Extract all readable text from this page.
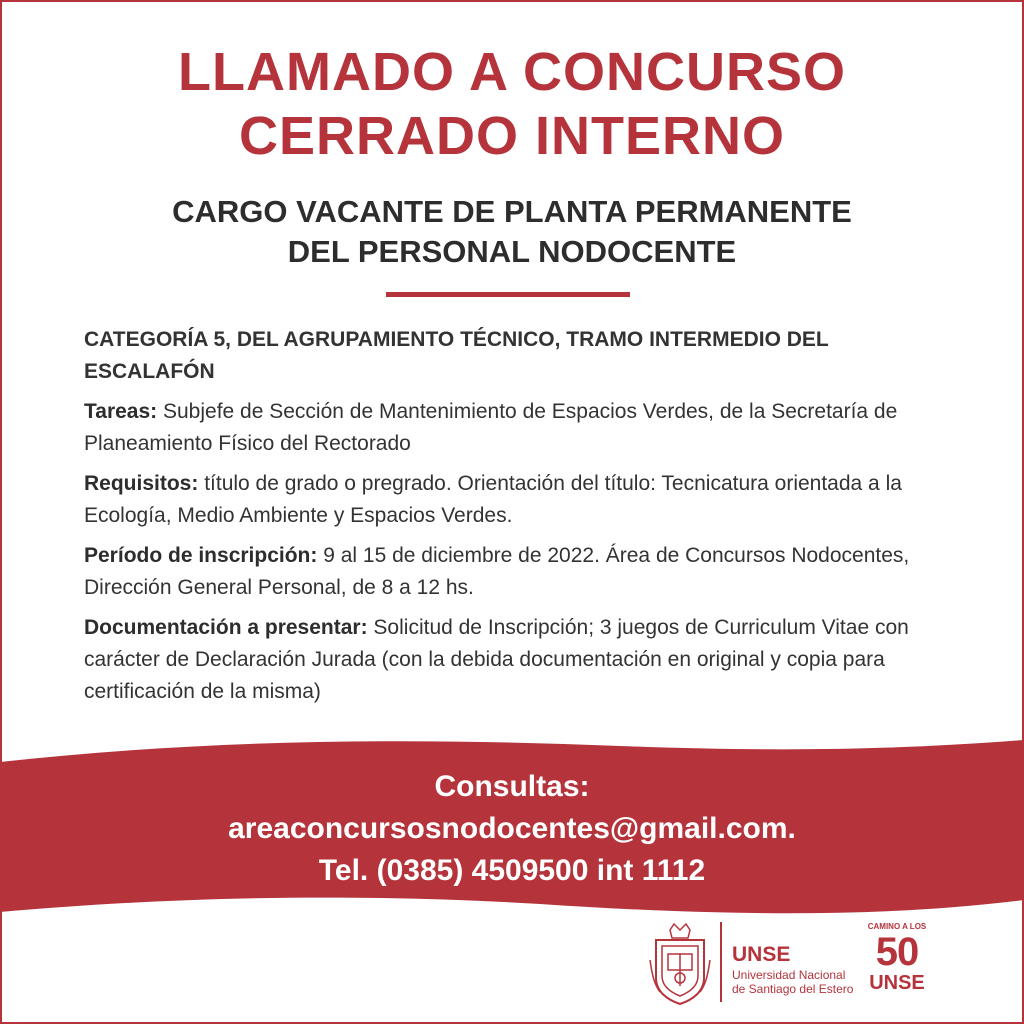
LLAMADO A CONCURSO
CERRADO INTERNO
CARGO VACANTE DE PLANTA PERMANENTE
DEL PERSONAL NODOCENTE
CATEGORÍA 5, DEL AGRUPAMIENTO TÉCNICO, TRAMO INTERMEDIO DEL ESCALAFÓN

Tareas: Subjefe de Sección de Mantenimiento de Espacios Verdes, de la Secretaría de Planeamiento Físico del Rectorado

Requisitos: título de grado o pregrado. Orientación del título: Tecnicatura orientada a la Ecología, Medio Ambiente y Espacios Verdes.

Período de inscripción: 9 al 15 de diciembre de 2022. Área de Concursos Nodocentes, Dirección General Personal, de 8 a 12 hs.

Documentación a presentar: Solicitud de Inscripción; 3 juegos de Curriculum Vitae con carácter de Declaración Jurada (con la debida documentación en original y copia para certificación de la misma)

Consultas:
areaconcursosnodocentes@gmail.com.
Tel. (0385) 4509500 int 1112
UNSE
Universidad Nacional
de Santiago del Estero
CAMINO A LOS
50
UNSE
